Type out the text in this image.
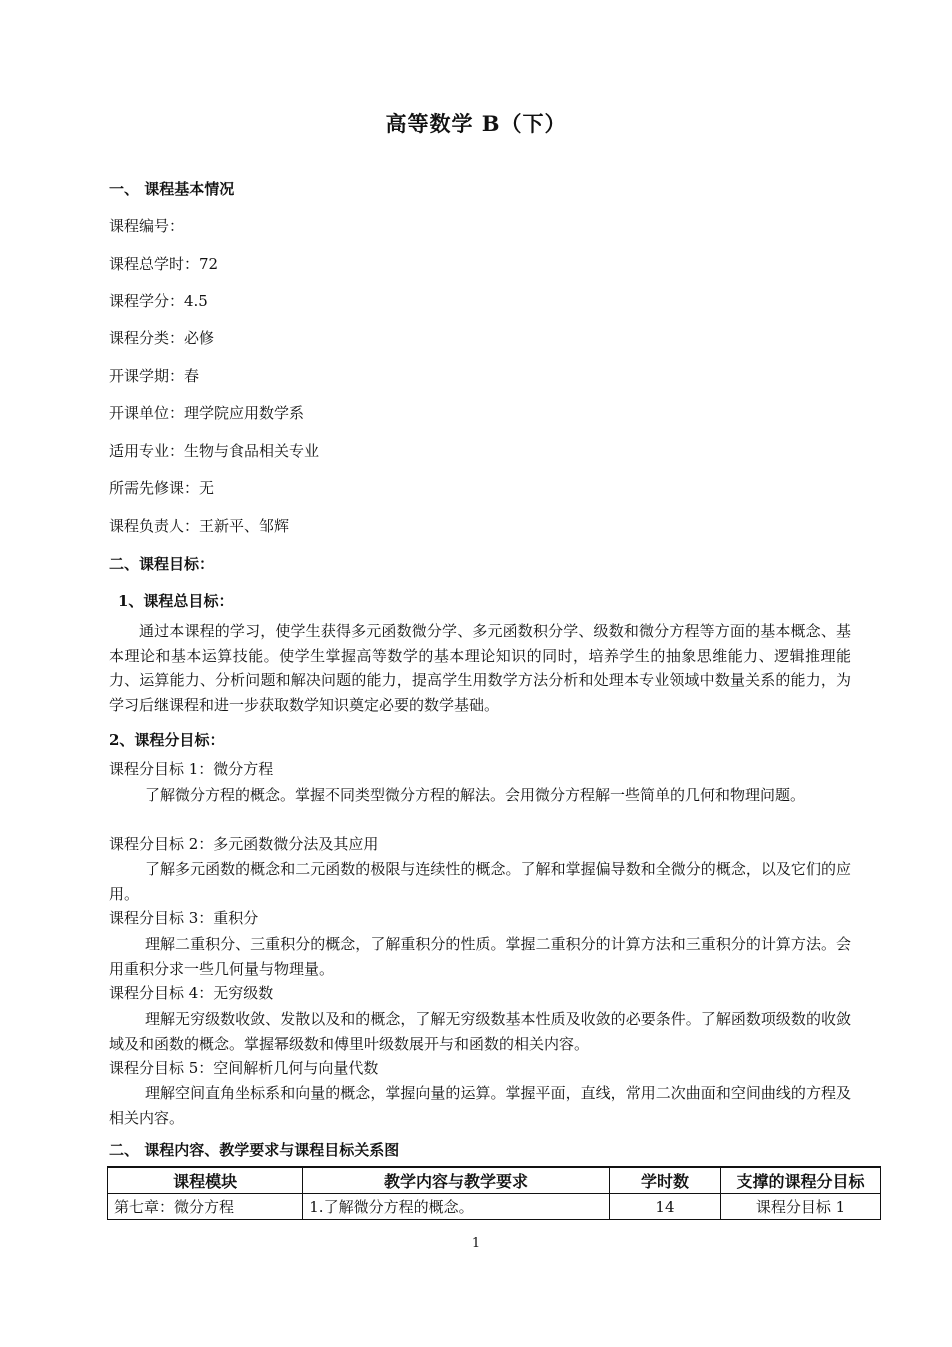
高等数学 B（下）
一、 课程基本情况
课程编号：
课程总学时：72
课程学分：4.5
课程分类：必修
开课学期：春
开课单位：理学院应用数学系
适用专业：生物与食品相关专业
所需先修课：无
课程负责人：王新平、邹辉
二、课程目标：
1、课程总目标：
通过本课程的学习，使学生获得多元函数微分学、多元函数积分学、级数和微分方程等方面的基本概念、基本理论和基本运算技能。使学生掌握高等数学的基本理论知识的同时，培养学生的抽象思维能力、逻辑推理能力、运算能力、分析问题和解决问题的能力，提高学生用数学方法分析和处理本专业领域中数量关系的能力，为学习后继课程和进一步获取数学知识奠定必要的数学基础。
2、课程分目标：
课程分目标 1：微分方程
了解微分方程的概念。掌握不同类型微分方程的解法。会用微分方程解一些简单的几何和物理问题。
课程分目标 2：多元函数微分法及其应用
了解多元函数的概念和二元函数的极限与连续性的概念。了解和掌握偏导数和全微分的概念，以及它们的应用。
课程分目标 3：重积分
理解二重积分、三重积分的概念，了解重积分的性质。掌握二重积分的计算方法和三重积分的计算方法。会用重积分求一些几何量与物理量。
课程分目标 4：无穷级数
理解无穷级数收敛、发散以及和的概念，了解无穷级数基本性质及收敛的必要条件。了解函数项级数的收敛域及和函数的概念。掌握幂级数和傅里叶级数展开与和函数的相关内容。
课程分目标 5：空间解析几何与向量代数
理解空间直角坐标系和向量的概念，掌握向量的运算。掌握平面，直线，常用二次曲面和空间曲线的方程及相关内容。
二、 课程内容、教学要求与课程目标关系图
课程模块	教学内容与教学要求	学时数	支撑的课程分目标
第七章：微分方程	1.了解微分方程的概念。	14	课程分目标 1
1
